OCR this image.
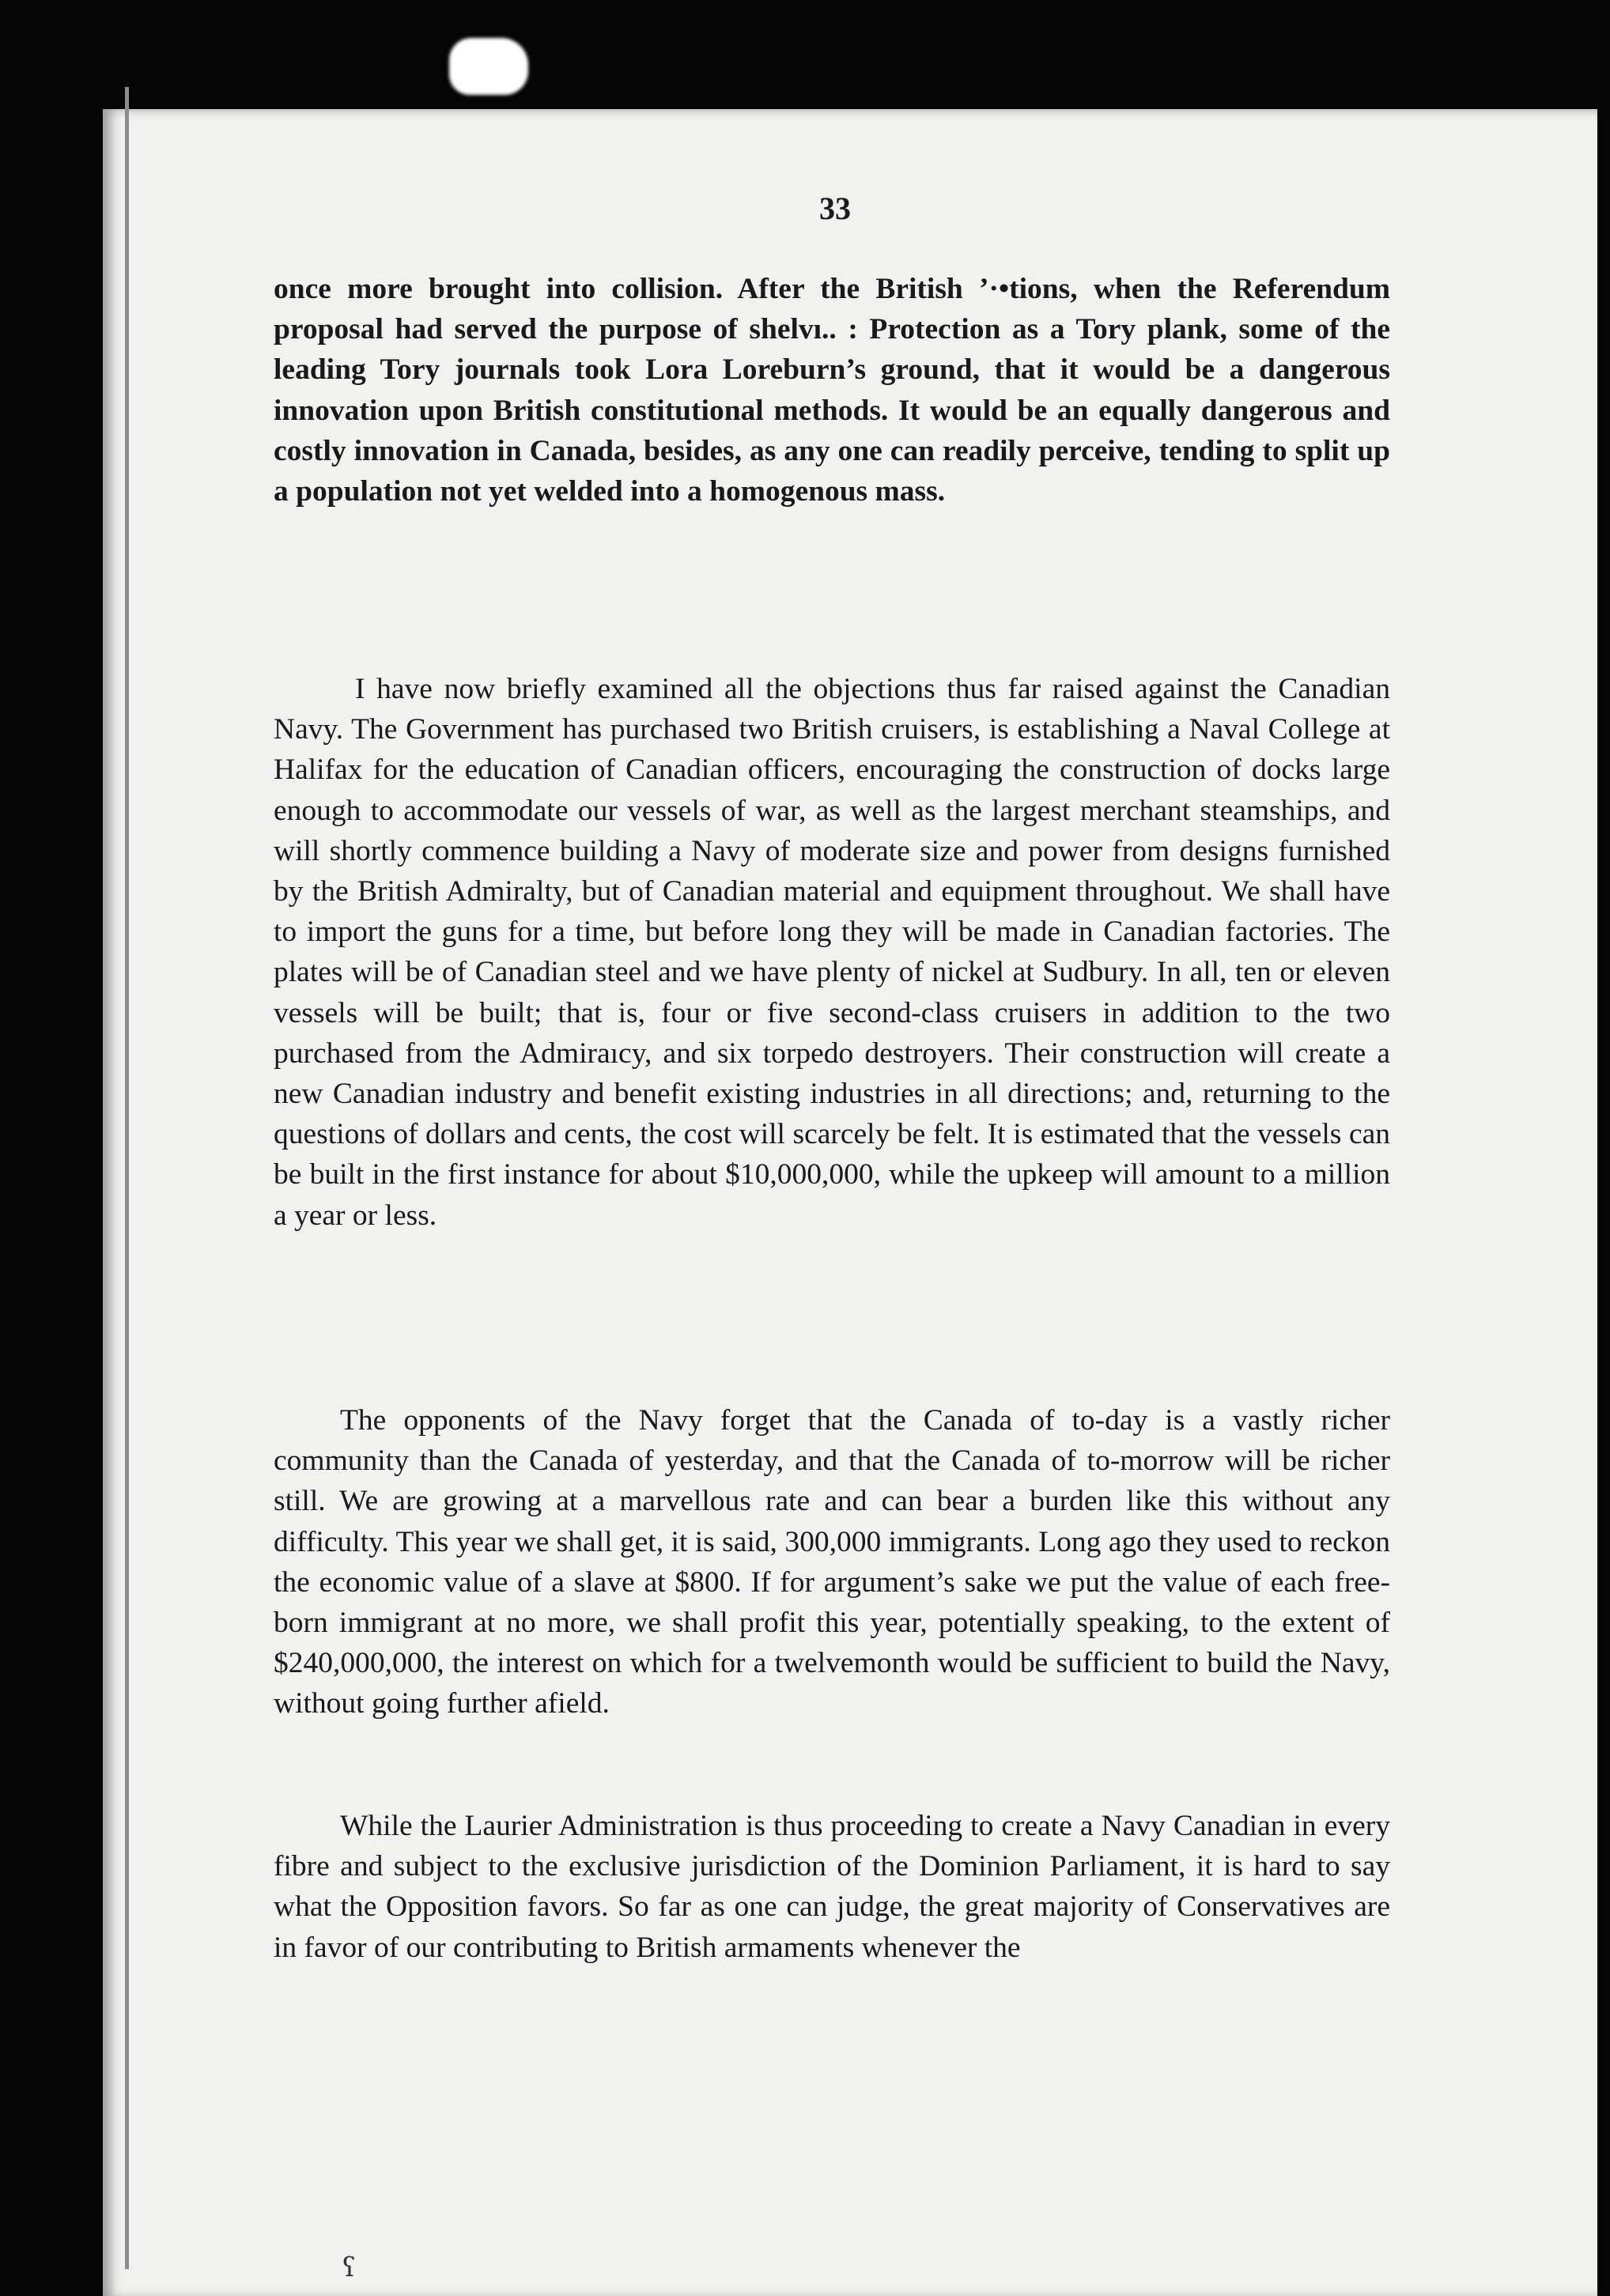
33

once more brought into collision. After the British ’·•tions, when the Referendum proposal had served the purpose of shelvı.. : Protection as a Tory plank, some of the leading Tory journals took Lora Loreburn’s ground, that it would be a dangerous innovation upon British constitutional methods. It would be an equally dangerous and costly innovation in Canada, besides, as any one can readily perceive, tending to split up a population not yet welded into a homogenous mass.

I have now briefly examined all the objections thus far raised against the Canadian Navy. The Government has purchased two British cruisers, is establishing a Naval College at Halifax for the education of Canadian officers, encouraging the construction of docks large enough to accommodate our vessels of war, as well as the largest merchant steamships, and will shortly commence building a Navy of moderate size and power from designs furnished by the British Admiralty, but of Canadian material and equipment throughout. We shall have to import the guns for a time, but before long they will be made in Canadian factories. The plates will be of Canadian steel and we have plenty of nickel at Sudbury. In all, ten or eleven vessels will be built; that is, four or five second-class cruisers in addition to the two purchased from the Admiraıcy, and six torpedo destroyers. Their construction will create a new Canadian industry and benefit existing industries in all directions; and, returning to the questions of dollars and cents, the cost will scarcely be felt. It is estimated that the vessels can be built in the first instance for about $10,000,000, while the upkeep will amount to a million a year or less.

The opponents of the Navy forget that the Canada of to-day is a vastly richer community than the Canada of yesterday, and that the Canada of to-morrow will be richer still. We are growing at a marvellous rate and can bear a burden like this without any difficulty. This year we shall get, it is said, 300,000 immigrants. Long ago they used to reckon the economic value of a slave at $800. If for argument’s sake we put the value of each free-born immigrant at no more, we shall profit this year, potentially speaking, to the extent of $240,000,000, the interest on which for a twelvemonth would be sufficient to build the Navy, without going further afield.

While the Laurier Administration is thus proceeding to create a Navy Canadian in every fibre and subject to the exclusive jurisdiction of the Dominion Parliament, it is hard to say what the Opposition favors. So far as one can judge, the great majority of Conservatives are in favor of our contributing to British armaments whenever the

ʕ
